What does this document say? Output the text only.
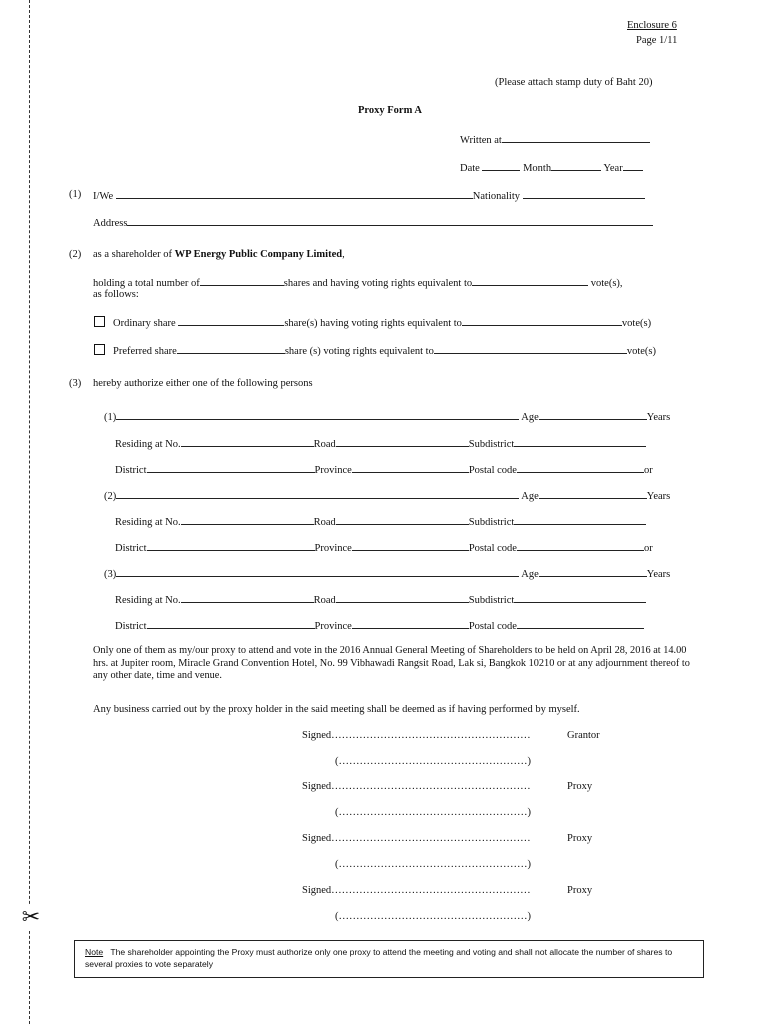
✂
Enclosure 6
Page 1/11
(Please attach stamp duty of Baht 20)
Proxy Form A
Written at
Date	Month	Year
(1) I/We	Nationality
Address
(2) as a shareholder of WP Energy Public Company Limited,
holding a total number of	shares and having voting rights equivalent to	vote(s),
as follows:
Ordinary share	share(s) having voting rights equivalent to	vote(s)
Preferred share	share (s) voting rights equivalent to	vote(s)
(3) hereby authorize either one of the following persons
(1)	Age	Years
Residing at No.	Road	Subdistrict
District	Province	Postal code	or
(2)	Age	Years
Residing at No.	Road	Subdistrict
District	Province	Postal code	or
(3)	Age	Years
Residing at No.	Road	Subdistrict
District	Province	Postal code
Only one of them as my/our proxy to attend and vote in the 2016 Annual General Meeting of Shareholders to be held on April 28, 2016 at 14.00 hrs. at Jupiter room, Miracle Grand Convention Hotel, No. 99 Vibhawadi Rangsit Road, Lak si, Bangkok 10210 or at any adjournment thereof to any other date, time and venue.
Any business carried out by the proxy holder in the said meeting shall be deemed as if having performed by myself.
Signed…………………………………………………	Grantor
(………………………………………………)
Signed…………………………………………………	Proxy
(………………………………………………)
Signed…………………………………………………	Proxy
(………………………………………………)
Signed…………………………………………………	Proxy
(………………………………………………)
Note The shareholder appointing the Proxy must authorize only one proxy to attend the meeting and voting and shall not allocate the number of shares to several proxies to vote separately
